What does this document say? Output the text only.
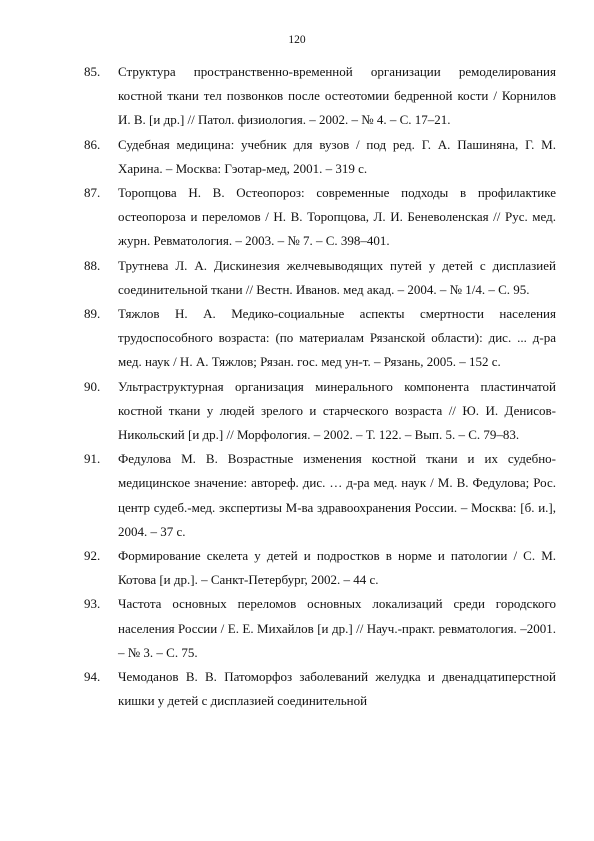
120
85.	Структура пространственно-временной организации ремоделирования костной ткани тел позвонков после остеотомии бедренной кости / Корнилов И. В. [и др.] // Патол. физиология. – 2002. – № 4. – С. 17–21.
86.	Судебная медицина: учебник для вузов / под ред. Г. А. Пашиняна, Г. М. Харина. – Москва: Гэотар-мед, 2001. – 319 с.
87.	Торопцова Н. В. Остеопороз: современные подходы в профилактике остеопороза и переломов / Н. В. Торопцова, Л. И. Беневоленская // Рус. мед. журн. Ревматология. – 2003. – № 7. – С. 398–401.
88.	Трутнева Л. А. Дискинезия желчевыводящих путей у детей с дисплазией соединительной ткани // Вестн. Иванов. мед акад. – 2004. – № 1/4. – С. 95.
89.	Тяжлов Н. А. Медико-социальные аспекты смертности населения трудоспособного возраста: (по материалам Рязанской области): дис. ... д-ра мед. наук / Н. А. Тяжлов; Рязан. гос. мед ун-т. – Рязань, 2005. – 152 с.
90.	Ультраструктурная организация минерального компонента пластинчатой костной ткани у людей зрелого и старческого возраста // Ю. И. Денисов-Никольский [и др.] // Морфология. – 2002. – Т. 122. – Вып. 5. – С. 79–83.
91.	Федулова М. В. Возрастные изменения костной ткани и их судебно-медицинское значение: автореф. дис. … д-ра мед. наук / М. В. Федулова; Рос. центр судеб.-мед. экспертизы М-ва здравоохранения России. – Москва: [б. и.], 2004. – 37 с.
92.	Формирование скелета у детей и подростков в норме и патологии / С. М. Котова [и др.]. – Санкт-Петербург, 2002. – 44 с.
93.	Частота основных переломов основных локализаций среди городского населения России / Е. Е. Михайлов [и др.] // Науч.-практ. ревматология. –2001. – № 3. – С. 75.
94.	Чемоданов В. В. Патоморфоз заболеваний желудка и двенадцатиперстной кишки у детей с дисплазией соединительной
